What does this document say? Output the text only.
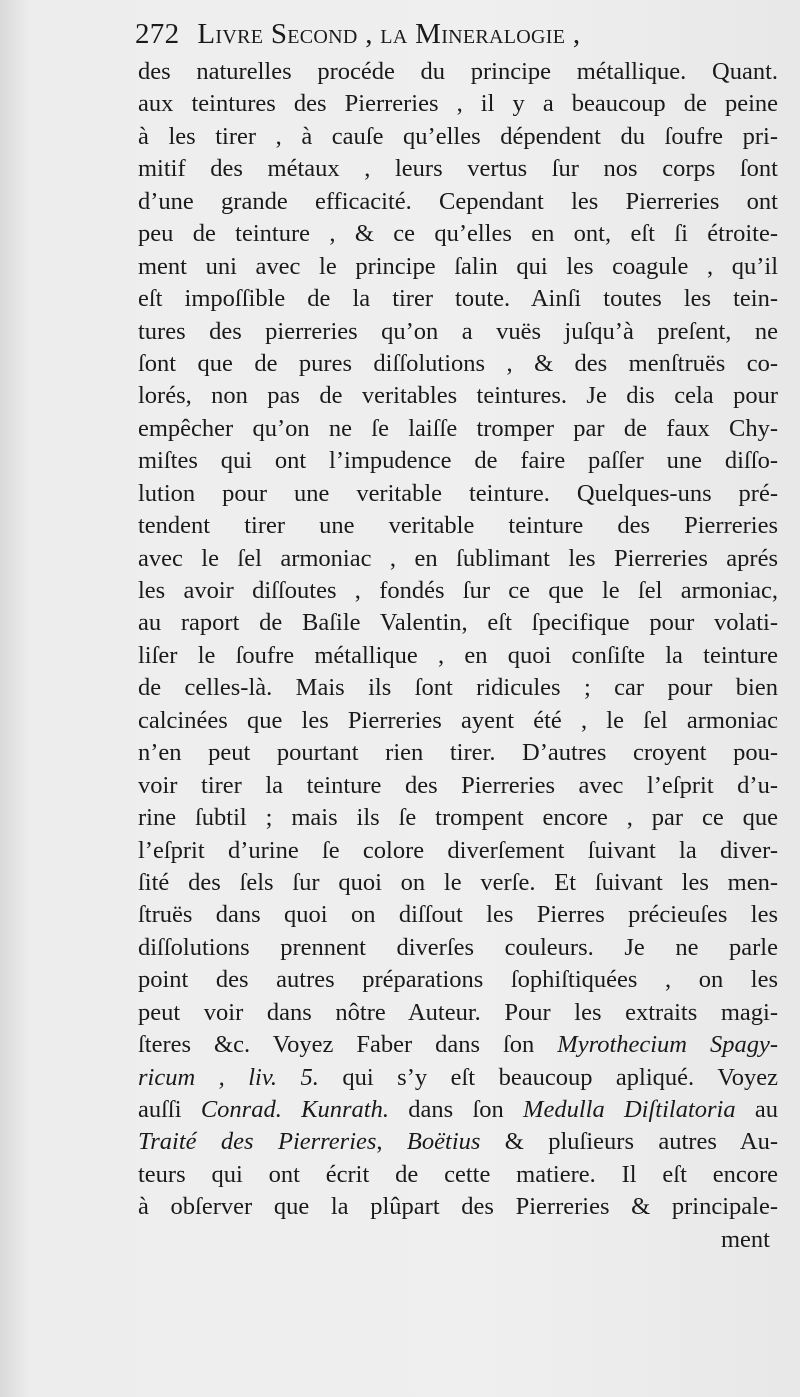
272 Livre Second , la Mineralogie ,
des naturelles procéde du principe métallique. Quant.
aux teintures des Pierreries , il y a beaucoup de peine
à les tirer , à cauſe qu’elles dépendent du ſoufre pri-
mitif des métaux , leurs vertus ſur nos corps ſont
d’une grande efficacité. Cependant les Pierreries ont
peu de teinture , & ce qu’elles en ont, eſt ſi étroite-
ment uni avec le principe ſalin qui les coagule , qu’il
eſt impoſſible de la tirer toute. Ainſi toutes les tein-
tures des pierreries qu’on a vuës juſqu’à preſent, ne
ſont que de pures diſſolutions , & des menſtruës co-
lorés, non pas de veritables teintures. Je dis cela pour
empêcher qu’on ne ſe laiſſe tromper par de faux Chy-
miſtes qui ont l’impudence de faire paſſer une diſſo-
lution pour une veritable teinture. Quelques-uns pré-
tendent tirer une veritable teinture des Pierreries
avec le ſel armoniac , en ſublimant les Pierreries aprés
les avoir diſſoutes , fondés ſur ce que le ſel armoniac,
au raport de Baſile Valentin, eſt ſpecifique pour volati-
liſer le ſoufre métallique , en quoi conſiſte la teinture
de celles-là. Mais ils ſont ridicules ; car pour bien
calcinées que les Pierreries ayent été , le ſel armoniac
n’en peut pourtant rien tirer. D’autres croyent pou-
voir tirer la teinture des Pierreries avec l’eſprit d’u-
rine ſubtil ; mais ils ſe trompent encore , par ce que
l’eſprit d’urine ſe colore diverſement ſuivant la diver-
ſité des ſels ſur quoi on le verſe. Et ſuivant les men-
ſtruës dans quoi on diſſout les Pierres précieuſes les
diſſolutions prennent diverſes couleurs. Je ne parle
point des autres préparations ſophiſtiquées , on les
peut voir dans nôtre Auteur. Pour les extraits magi-
ſteres &c. Voyez Faber dans ſon Myrothecium Spagy-
ricum , liv. 5. qui s’y eſt beaucoup apliqué. Voyez
auſſi Conrad. Kunrath. dans ſon Medulla Diſtilatoria au
Traité des Pierreries, Boëtius & pluſieurs autres Au-
teurs qui ont écrit de cette matiere. Il eſt encore
à obſerver que la plûpart des Pierreries & principale-
ment
